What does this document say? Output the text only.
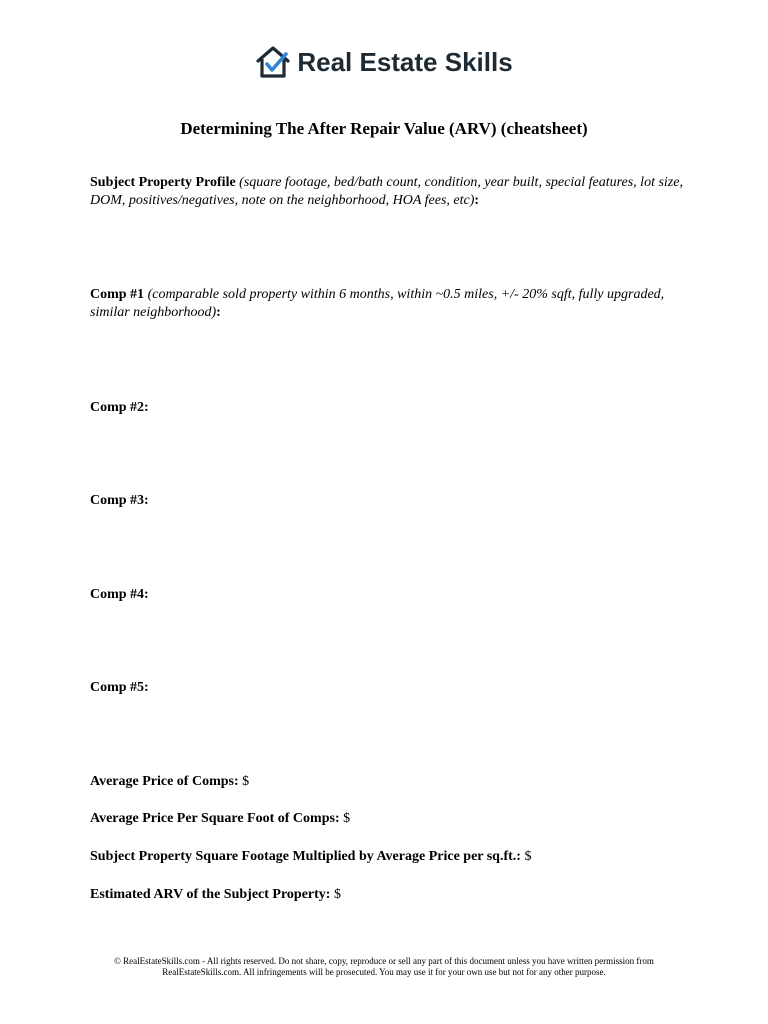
Real Estate Skills
Determining The After Repair Value (ARV) (cheatsheet)
Subject Property Profile (square footage, bed/bath count, condition, year built, special features, lot size, DOM, positives/negatives, note on the neighborhood, HOA fees, etc):
Comp #1 (comparable sold property within 6 months, within ~0.5 miles, +/- 20% sqft, fully upgraded, similar neighborhood):
Comp #2:
Comp #3:
Comp #4:
Comp #5:
Average Price of Comps: $
Average Price Per Square Foot of Comps: $
Subject Property Square Footage Multiplied by Average Price per sq.ft.: $
Estimated ARV of the Subject Property: $
© RealEstateSkills.com - All rights reserved. Do not share, copy, reproduce or sell any part of this document unless you have written permission from
RealEstateSkills.com. All infringements will be prosecuted. You may use it for your own use but not for any other purpose.
